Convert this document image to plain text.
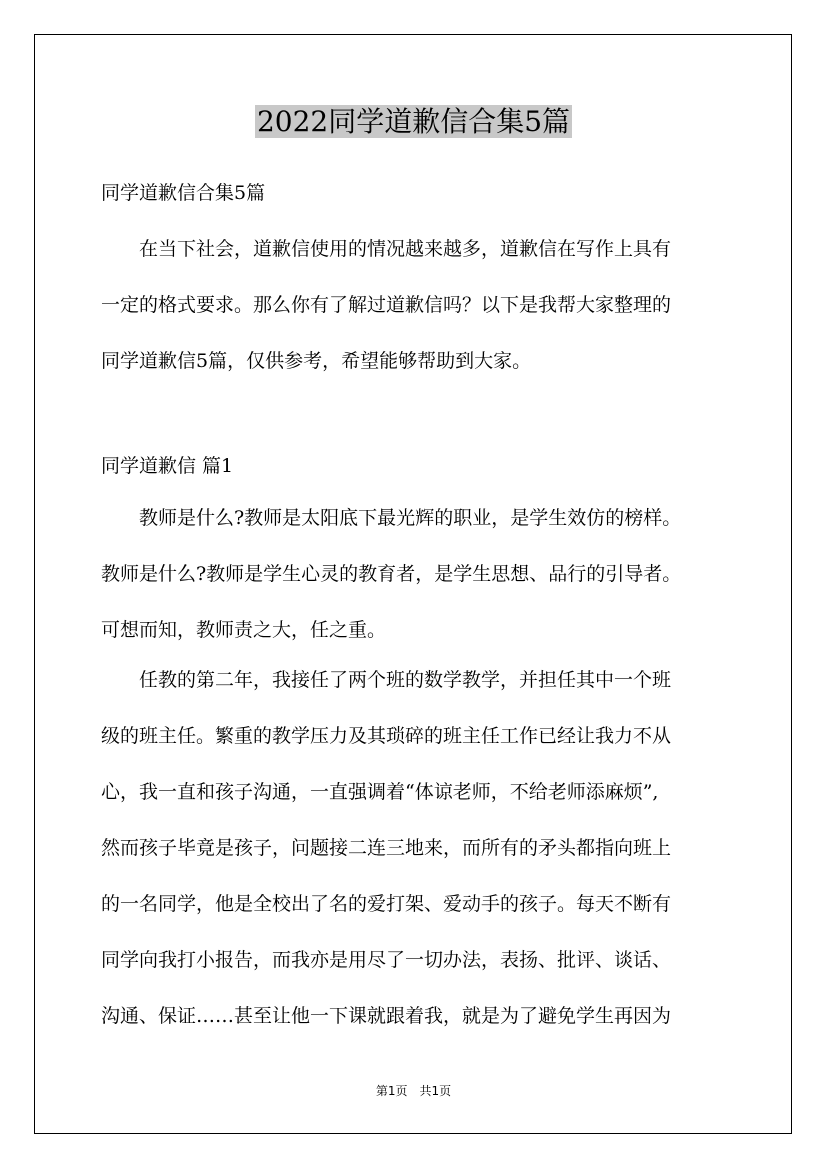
2022同学道歉信合集5篇
同学道歉信合集5篇
　　在当下社会，道歉信使用的情况越来越多，道歉信在写作上具有
一定的格式要求。那么你有了解过道歉信吗？以下是我帮大家整理的
同学道歉信5篇，仅供参考，希望能够帮助到大家。
同学道歉信 篇1
　　教师是什么?教师是太阳底下最光辉的职业，是学生效仿的榜样。
教师是什么?教师是学生心灵的教育者，是学生思想、品行的引导者。
可想而知，教师责之大，任之重。
　　任教的第二年，我接任了两个班的数学教学，并担任其中一个班
级的班主任。繁重的教学压力及其琐碎的班主任工作已经让我力不从
心，我一直和孩子沟通，一直强调着“体谅老师，不给老师添麻烦”,
然而孩子毕竟是孩子，问题接二连三地来，而所有的矛头都指向班上
的一名同学，他是全校出了名的爱打架、爱动手的孩子。每天不断有
同学向我打小报告，而我亦是用尽了一切办法，表扬、批评、谈话、
沟通、保证……甚至让他一下课就跟着我，就是为了避免学生再因为
第1页　共1页
